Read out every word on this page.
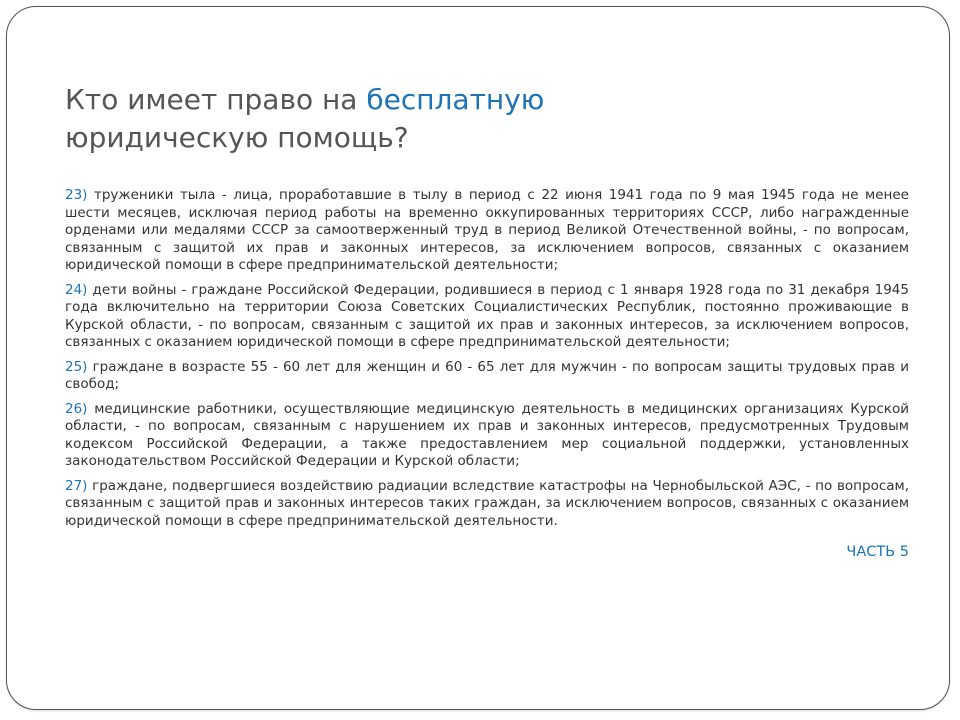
Кто имеет право на бесплатную
юридическую помощь?

23) труженики тыла - лица, проработавшие в тылу в период с 22 июня 1941 года по 9 мая 1945 года не менее шести месяцев, исключая период работы на временно оккупированных территориях СССР, либо награжденные орденами или медалями СССР за самоотверженный труд в период Великой Отечественной войны, - по вопросам, связанным с защитой их прав и законных интересов, за исключением вопросов, связанных с оказанием юридической помощи в сфере предпринимательской деятельности;

24) дети войны - граждане Российской Федерации, родившиеся в период с 1 января 1928 года по 31 декабря 1945 года включительно на территории Союза Советских Социалистических Республик, постоянно проживающие в Курской области, - по вопросам, связанным с защитой их прав и законных интересов, за исключением вопросов, связанных с оказанием юридической помощи в сфере предпринимательской деятельности;

25) граждане в возрасте 55 - 60 лет для женщин и 60 - 65 лет для мужчин - по вопросам защиты трудовых прав и свобод;

26) медицинские работники, осуществляющие медицинскую деятельность в медицинских организациях Курской области, - по вопросам, связанным с нарушением их прав и законных интересов, предусмотренных Трудовым кодексом Российской Федерации, а также предоставлением мер социальной поддержки, установленных законодательством Российской Федерации и Курской области;

27) граждане, подвергшиеся воздействию радиации вследствие катастрофы на Чернобыльской АЭС, - по вопросам, связанным с защитой прав и законных интересов таких граждан, за исключением вопросов, связанных с оказанием юридической помощи в сфере предпринимательской деятельности.

ЧАСТЬ 5
